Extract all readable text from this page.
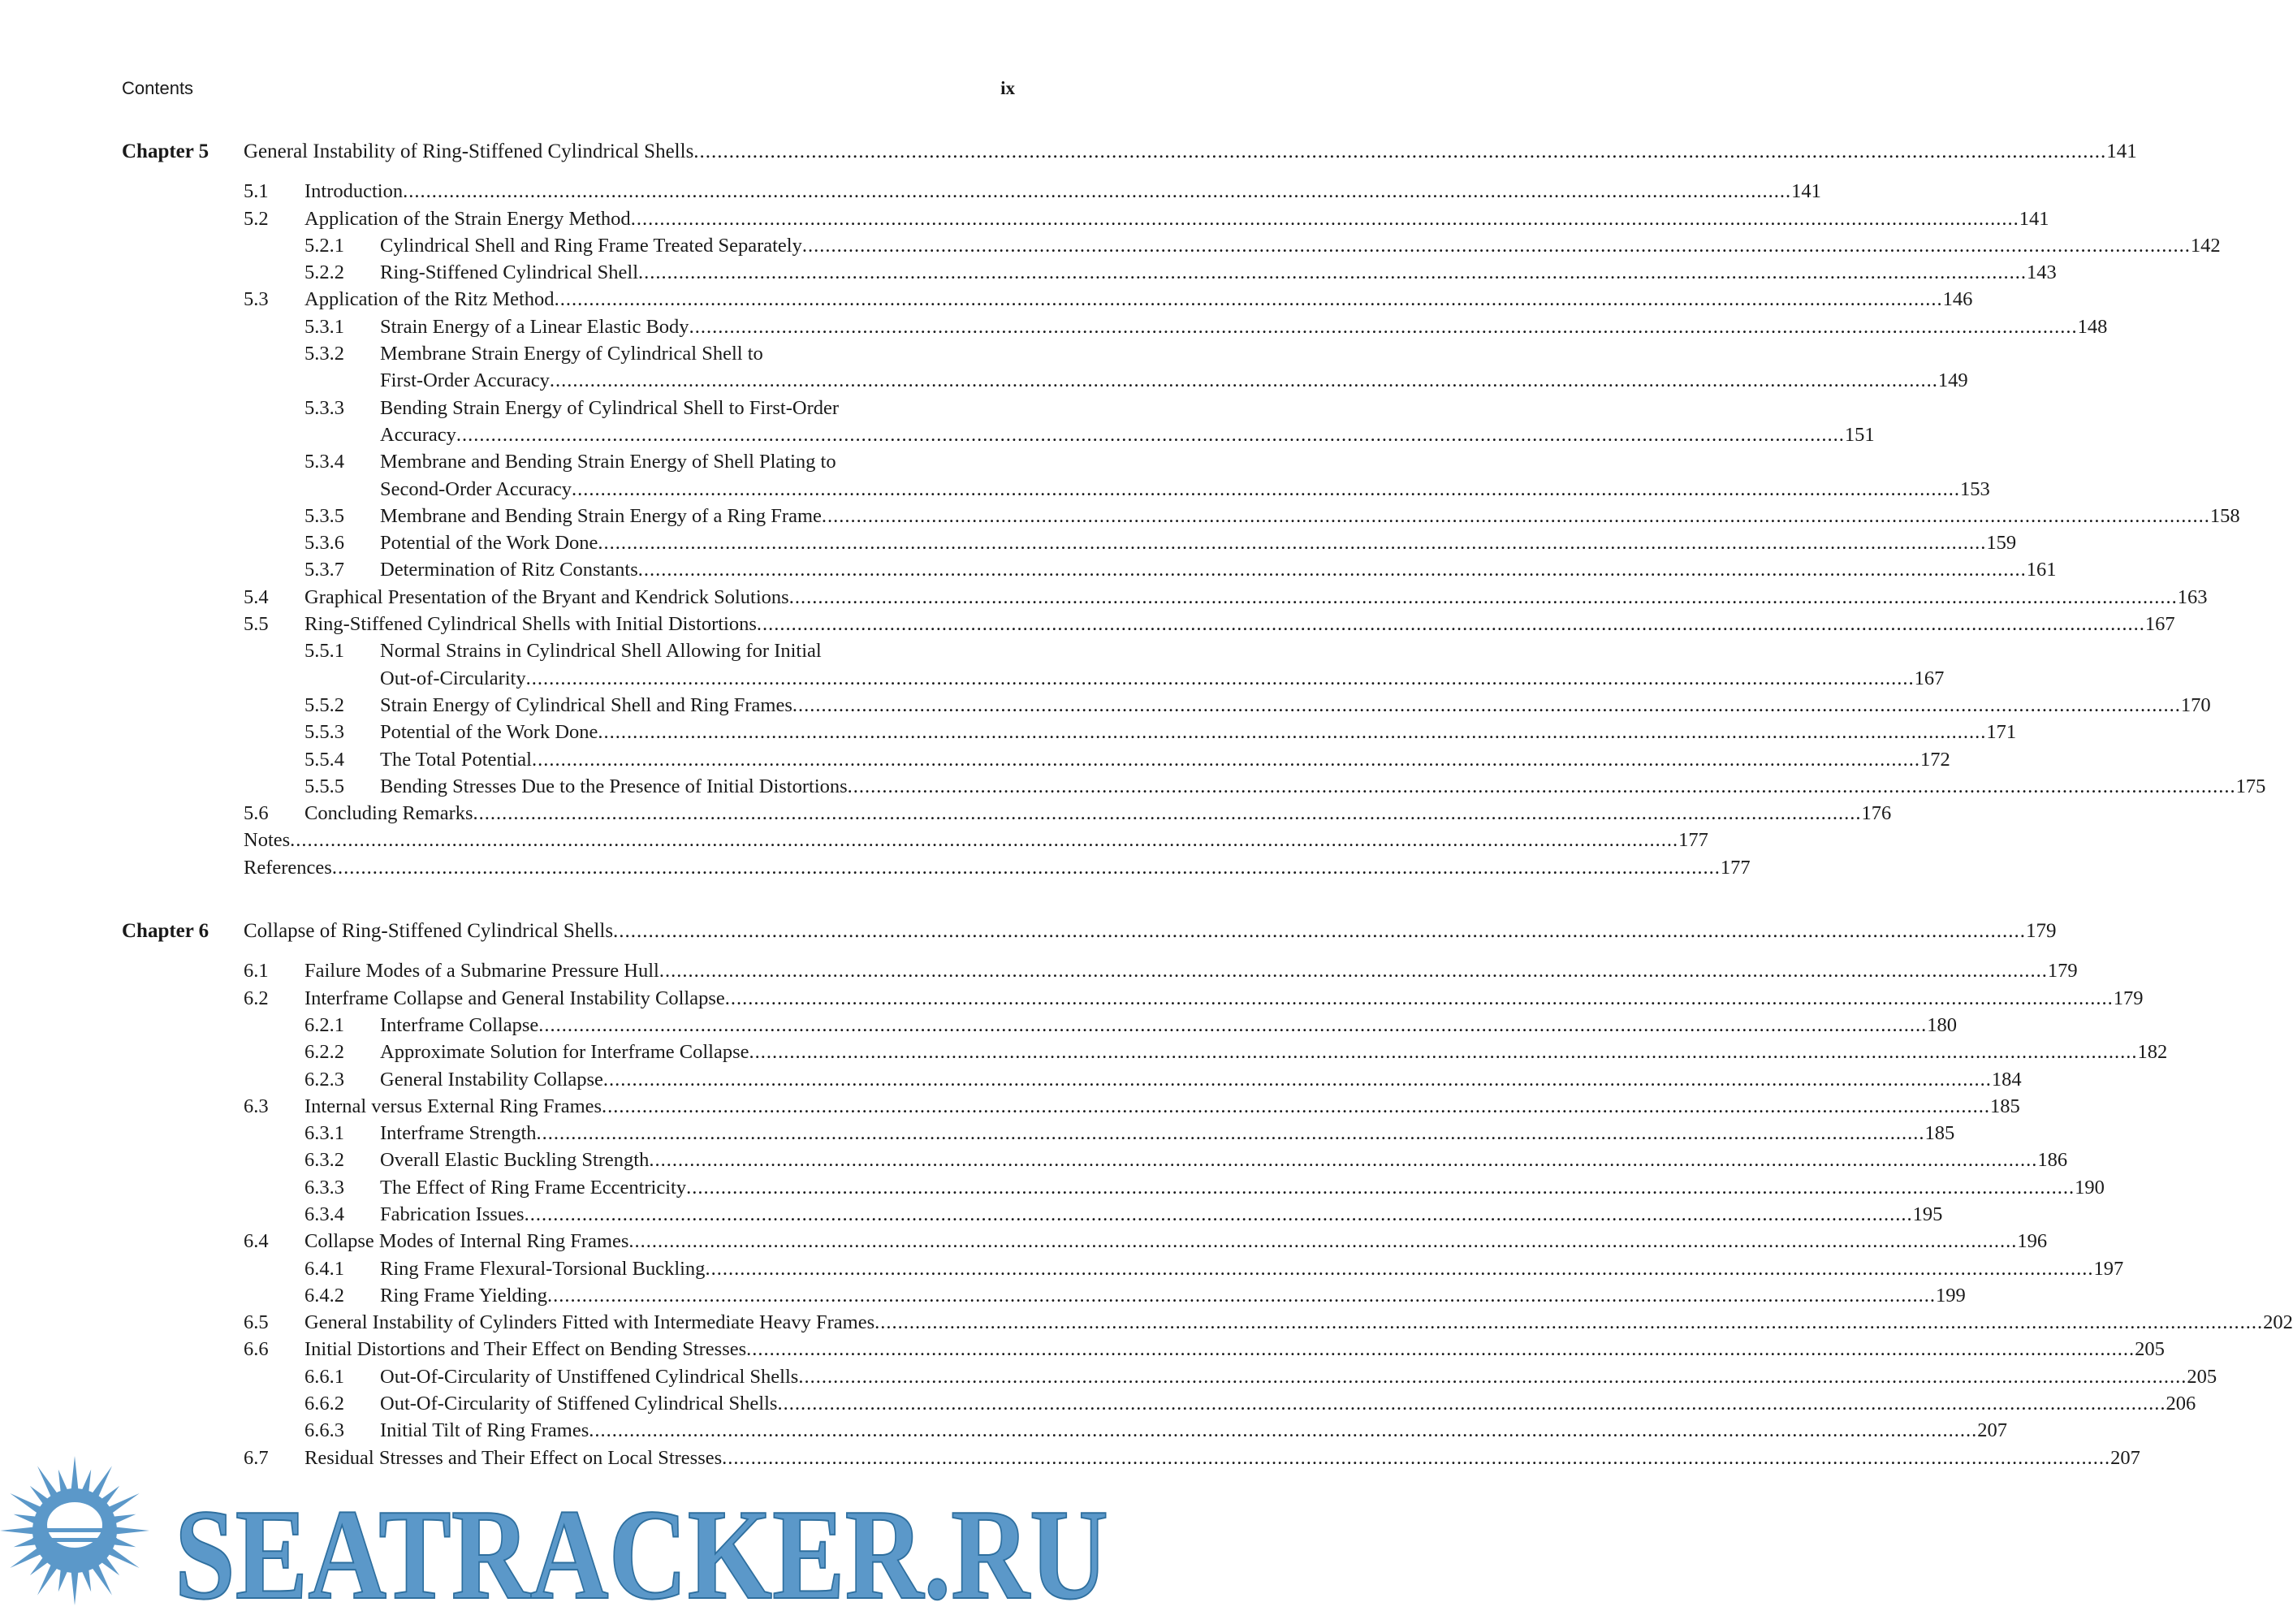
Contents	ix
Chapter 5 General Instability of Ring-Stiffened Cylindrical Shells .....	141
5.1 Introduction .....	141
5.2 Application of the Strain Energy Method .....	141
5.2.1 Cylindrical Shell and Ring Frame Treated Separately .....	142
5.2.2 Ring-Stiffened Cylindrical Shell .....	143
5.3 Application of the Ritz Method .....	146
5.3.1 Strain Energy of a Linear Elastic Body .....	148
5.3.2 Membrane Strain Energy of Cylindrical Shell to
First-Order Accuracy .....	149
5.3.3 Bending Strain Energy of Cylindrical Shell to First-Order
Accuracy .....	151
5.3.4 Membrane and Bending Strain Energy of Shell Plating to
Second-Order Accuracy .....	153
5.3.5 Membrane and Bending Strain Energy of a Ring Frame .....	158
5.3.6 Potential of the Work Done .....	159
5.3.7 Determination of Ritz Constants .....	161
5.4 Graphical Presentation of the Bryant and Kendrick Solutions .....	163
5.5 Ring-Stiffened Cylindrical Shells with Initial Distortions .....	167
5.5.1 Normal Strains in Cylindrical Shell Allowing for Initial
Out-of-Circularity .....	167
5.5.2 Strain Energy of Cylindrical Shell and Ring Frames .....	170
5.5.3 Potential of the Work Done .....	171
5.5.4 The Total Potential .....	172
5.5.5 Bending Stresses Due to the Presence of Initial Distortions .....	175
5.6 Concluding Remarks .....	176
Notes .....	177
References .....	177
Chapter 6 Collapse of Ring-Stiffened Cylindrical Shells .....	179
6.1 Failure Modes of a Submarine Pressure Hull .....	179
6.2 Interframe Collapse and General Instability Collapse .....	179
6.2.1 Interframe Collapse .....	180
6.2.2 Approximate Solution for Interframe Collapse .....	182
6.2.3 General Instability Collapse .....	184
6.3 Internal versus External Ring Frames .....	185
6.3.1 Interframe Strength .....	185
6.3.2 Overall Elastic Buckling Strength .....	186
6.3.3 The Effect of Ring Frame Eccentricity .....	190
6.3.4 Fabrication Issues .....	195
6.4 Collapse Modes of Internal Ring Frames .....	196
6.4.1 Ring Frame Flexural-Torsional Buckling .....	197
6.4.2 Ring Frame Yielding .....	199
6.5 General Instability of Cylinders Fitted with Intermediate Heavy Frames .....	202
6.6 Initial Distortions and Their Effect on Bending Stresses .....	205
6.6.1 Out-Of-Circularity of Unstiffened Cylindrical Shells .....	205
6.6.2 Out-Of-Circularity of Stiffened Cylindrical Shells .....	206
6.6.3 Initial Tilt of Ring Frames .....	207
6.7 Residual Stresses and Their Effect on Local Stresses .....	207
SEATRACKER.RU
